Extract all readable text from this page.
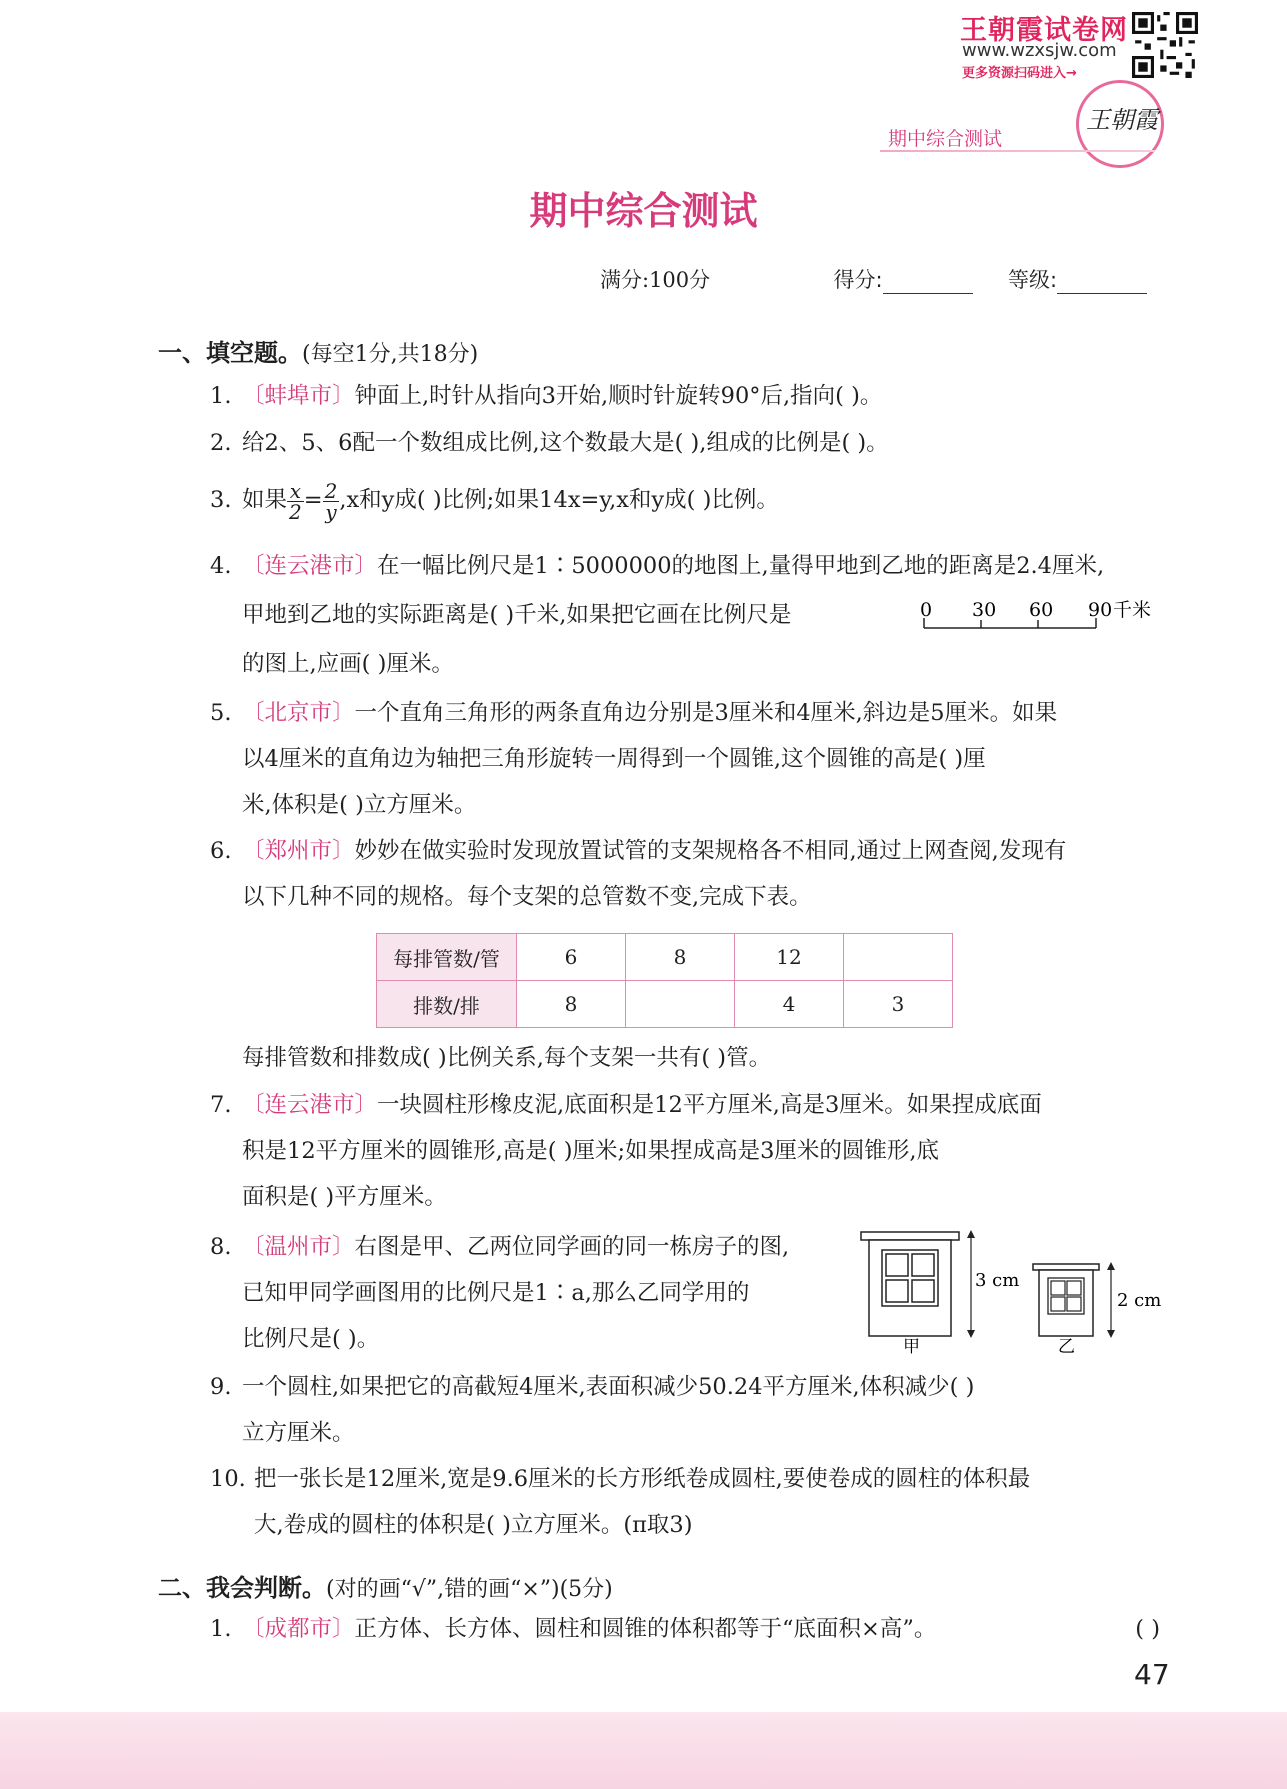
王朝霞试卷网
www.wzxsjw.com
更多资源扫码进入→
王朝霞
期中综合测试
期中综合测试
满分:100分	得分:	等级:
一、填空题。(每空1分,共18分)
1. 〔蚌埠市〕钟面上,时针从指向3开始,顺时针旋转90°后,指向( )。
2. 给2、5、6配一个数组成比例,这个数最大是( ),组成的比例是( )。
3. 如果 $\frac{x}{2} = \frac{2}{y} ,x$和y成( )比例;如果14x=y,x和y成( )比例。
4. 〔连云港市〕在一幅比例尺是1∶5000000的地图上,量得甲地到乙地的距离是2.4厘米,
甲地到乙地的实际距离是( )千米,如果把它画在比例尺是
的图上,应画( )厘米。
0 30 60 90 千米
5. 〔北京市〕一个直角三角形的两条直角边分别是3厘米和4厘米,斜边是5厘米。如果
以4厘米的直角边为轴把三角形旋转一周得到一个圆锥,这个圆锥的高是( )厘
米,体积是( )立方厘米。
6. 〔郑州市〕妙妙在做实验时发现放置试管的支架规格各不相同,通过上网查阅,发现有
以下几种不同的规格。每个支架的总管数不变,完成下表。
每排管数/管	6	8	12	
排数/排	8		4	3
每排管数和排数成( )比例关系,每个支架一共有( )管。
7. 〔连云港市〕一块圆柱形橡皮泥,底面积是12平方厘米,高是3厘米。如果捏成底面
积是12平方厘米的圆锥形,高是( )厘米;如果捏成高是3厘米的圆锥形,底
面积是( )平方厘米。
8. 〔温州市〕右图是甲、乙两位同学画的同一栋房子的图,
已知甲同学画图用的比例尺是1∶a,那么乙同学用的
比例尺是( )。
3 cm
甲
2 cm
乙
9. 一个圆柱,如果把它的高截短4厘米,表面积减少50.24平方厘米,体积减少( )
立方厘米。
10. 把一张长是12厘米,宽是9.6厘米的长方形纸卷成圆柱,要使卷成的圆柱的体积最
大,卷成的圆柱的体积是( )立方厘米。(π取3)
二、我会判断。(对的画“√”,错的画“×”)(5分)
1. 〔成都市〕正方体、长方体、圆柱和圆锥的体积都等于“底面积×高”。	( )
47
